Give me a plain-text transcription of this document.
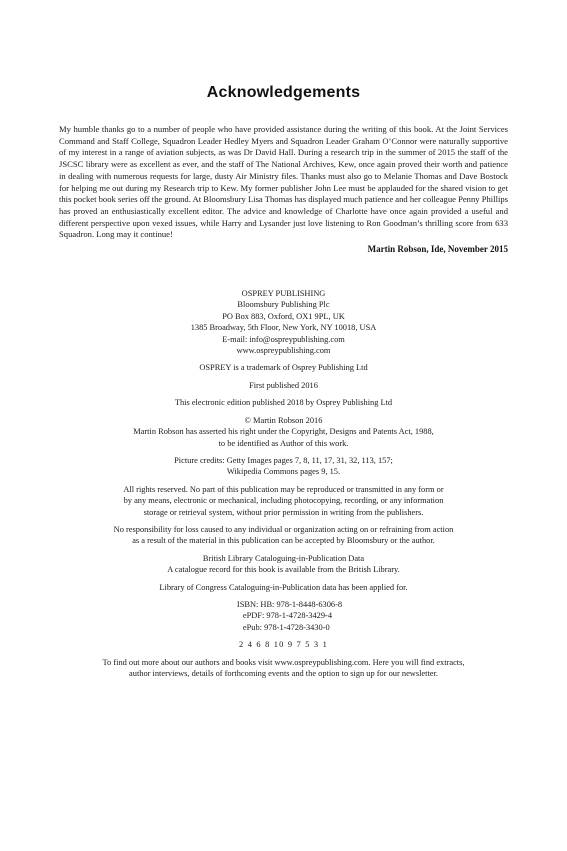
Acknowledgements

My humble thanks go to a number of people who have provided assistance during the writing of this book. At the Joint Services Command and Staff College, Squadron Leader Hedley Myers and Squadron Leader Graham O’Connor were naturally supportive of my interest in a range of aviation subjects, as was Dr David Hall. During a research trip in the summer of 2015 the staff of the JSCSC library were as excellent as ever, and the staff of The National Archives, Kew, once again proved their worth and patience in dealing with numerous requests for large, dusty Air Ministry files. Thanks must also go to Melanie Thomas and Dave Bostock for helping me out during my Research trip to Kew. My former publisher John Lee must be applauded for the shared vision to get this pocket book series off the ground. At Bloomsbury Lisa Thomas has displayed much patience and her colleague Penny Phillips has proved an enthusiastically excellent editor. The advice and knowledge of Charlotte have once again provided a useful and different perspective upon vexed issues, while Harry and Lysander just love listening to Ron Goodman’s thrilling score from 633 Squadron. Long may it continue!

Martin Robson, Ide, November 2015

OSPREY PUBLISHING
Bloomsbury Publishing Plc
PO Box 883, Oxford, OX1 9PL, UK
1385 Broadway, 5th Floor, New York, NY 10018, USA
E-mail: info@ospreypublishing.com
www.ospreypublishing.com

OSPREY is a trademark of Osprey Publishing Ltd

First published 2016

This electronic edition published 2018 by Osprey Publishing Ltd

© Martin Robson 2016
Martin Robson has asserted his right under the Copyright, Designs and Patents Act, 1988,
to be identified as Author of this work.

Picture credits: Getty Images pages 7, 8, 11, 17, 31, 32, 113, 157;
Wikipedia Commons pages 9, 15.

All rights reserved. No part of this publication may be reproduced or transmitted in any form or
by any means, electronic or mechanical, including photocopying, recording, or any information
storage or retrieval system, without prior permission in writing from the publishers.

No responsibility for loss caused to any individual or organization acting on or refraining from action
as a result of the material in this publication can be accepted by Bloomsbury or the author.

British Library Cataloguing-in-Publication Data
A catalogue record for this book is available from the British Library.

Library of Congress Cataloguing-in-Publication data has been applied for.

ISBN: HB: 978-1-8448-6306-8
ePDF: 978-1-4728-3429-4
ePub: 978-1-4728-3430-0

2 4 6 8 10 9 7 5 3 1

To find out more about our authors and books visit www.ospreypublishing.com. Here you will find extracts,
author interviews, details of forthcoming events and the option to sign up for our newsletter.
